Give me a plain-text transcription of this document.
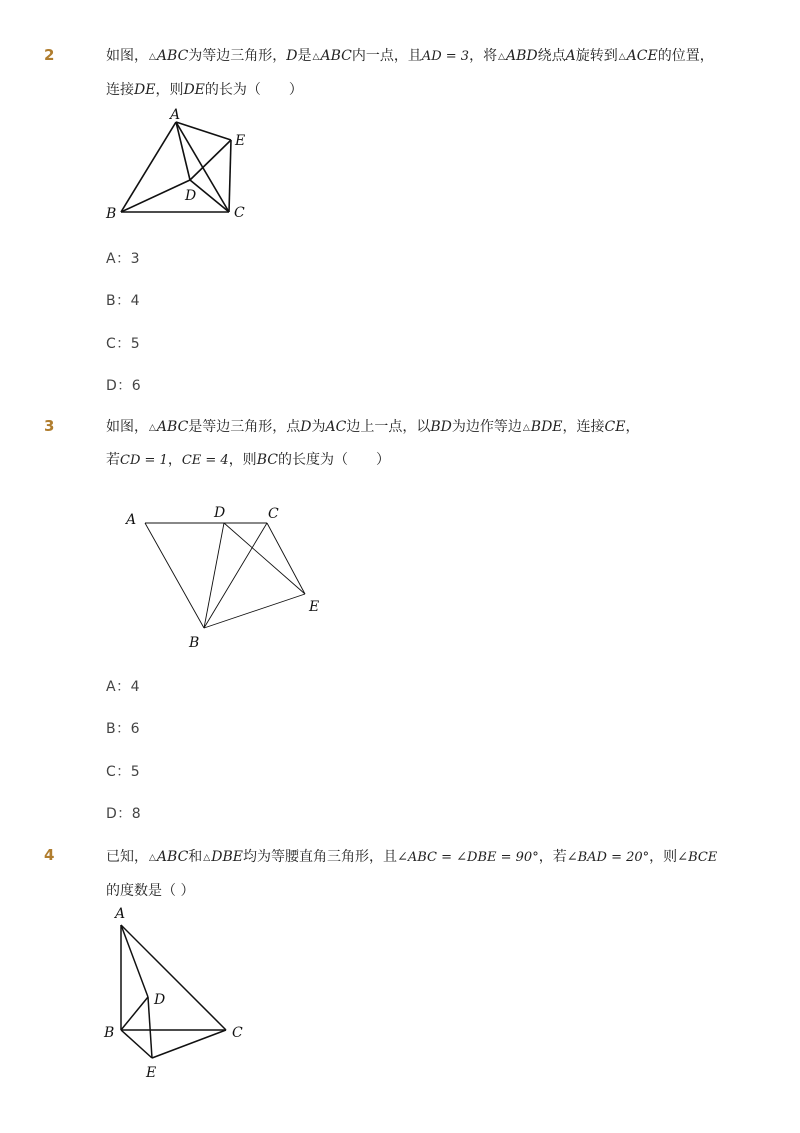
2	如图，△ABC为等边三角形，D是△ABC内一点，且AD = 3，将△ABD绕点A旋转到△ACE的位置，
连接DE，则DE的长为（　　）
A
B	C
D
E
A：3
B：4
C：5
D：6
3	如图，△ABC是等边三角形，点D为AC边上一点，以BD为边作等边△BDE，连接CE，
若CD = 1，CE = 4，则BC的长度为（　　）
A
B
C
D
E
A：4
B：6
C：5
D：8
4	已知，△ABC和△DBE均为等腰直角三角形，且∠ABC = ∠DBE = 90°，若∠BAD = 20°，则∠BCE
的度数是（ ）
A
B	C
D
E
